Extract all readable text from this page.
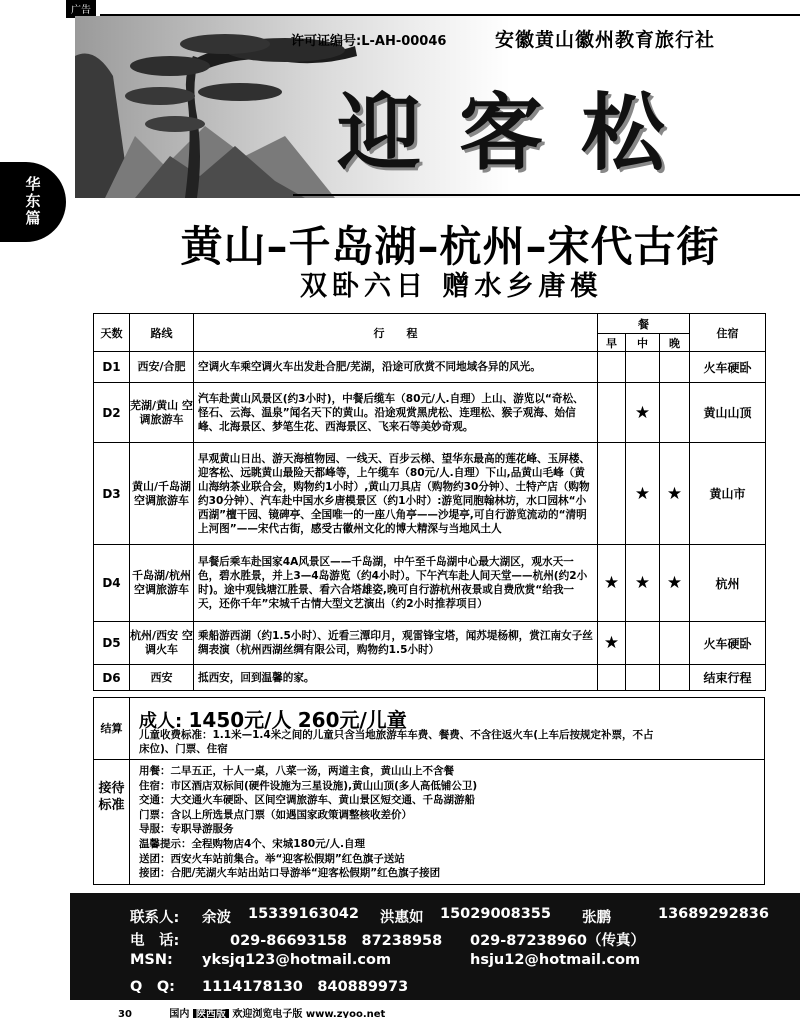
广告
华
东
篇
许可证编号:L-AH-00046	安徽黄山徽州教育旅行社
迎客松
黄山–千岛湖–杭州–宋代古街
双卧六日 赠水乡唐模
天数	路线	行　　程	餐			住宿
			早	中	晚	
D1	西安/合肥	空调火车乘空调火车出发赴合肥/芜湖，沿途可欣赏不同地域各异的风光。				火车硬卧
D2	芜湖/黄山 空调旅游车	汽车赴黄山风景区(约3小时)，中餐后缆车（80元/人.自理）上山、游览以“奇松、怪石、云海、温泉”闻名天下的黄山。沿途观赏黑虎松、连理松、猴子观海、始信峰、北海景区、梦笔生花、西海景区、飞来石等美妙奇观。		★		黄山山顶
D3	黄山/千岛湖 空调旅游车	早观黄山日出、游天海植物园、一线天、百步云梯、望华东最高的莲花峰、玉屏楼、迎客松、远眺黄山最险天都峰等，上午缆车（80元/人.自理）下山,品黄山毛峰（黄山海纳茶业联合会，购物约1小时）,黄山刀具店（购物约30分钟）、土特产店（购物约30分钟）、汽车赴中国水乡唐模景区（约1小时）:游览同胞翰林坊，水口园林“小西湖”檀干园、镜碑亭、全国唯一的一座八角亭——沙堤亭,可自行游览流动的“清明上河图”——宋代古街，感受古徽州文化的博大精深与当地风土人		★	★	黄山市
D4	千岛湖/杭州 空调旅游车	早餐后乘车赴国家4A风景区——千岛湖，中午至千岛湖中心最大湖区，观水天一色，碧水胜景，并上3—4岛游览（约4小时）。下午汽车赴人间天堂——杭州(约2小时)。途中观钱塘江胜景、看六合塔雄姿,晚可自行游杭州夜景或自费欣赏“给我一天，还你千年”宋城千古情大型文艺演出（约2小时推荐项目）	★	★	★	杭州
D5	杭州/西安 空调火车	乘船游西湖（约1.5小时）、近看三潭印月，观雷锋宝塔，闻苏堤杨柳，赏江南女子丝绸表演（杭州西湖丝绸有限公司，购物约1.5小时）	★			火车硬卧
D6	西安	抵西安，回到温馨的家。				结束行程
结算 成人: 1450元/人 260元/儿童
儿童收费标准：1.1米—1.4米之间的儿童只含当地旅游车车费、餐费、不含往返火车(上车后按规定补票，不占床位)、门票、住宿
接待标准
用餐：二早五正，十人一桌，八菜一汤，两道主食，黄山山上不含餐
住宿：市区酒店双标间(硬件设施为三星设施),黄山山顶(多人高低铺公卫)
交通：大交通火车硬卧、区间空调旅游车、黄山景区短交通、千岛湖游船
门票：含以上所选景点门票（如遇国家政策调整核收差价）
导服：专职导游服务
温馨提示：全程购物店4个、宋城180元/人.自理
送团：西安火车站前集合。举“迎客松假期”红色旗子送站
接团：合肥/芜湖火车站出站口导游举“迎客松假期”红色旗子接团
联系人: 余波 15339163042 洪惠如 15029008355 张鹏	13689292836
电　话:	029-86693158　87238958 029-87238960（传真）
MSN: yksjq123@hotmail.com	hsju12@hotmail.com
Q　Q: 1114178130　840889973
30	国内 陕西版 欢迎浏览电子版 www.zyoo.net
